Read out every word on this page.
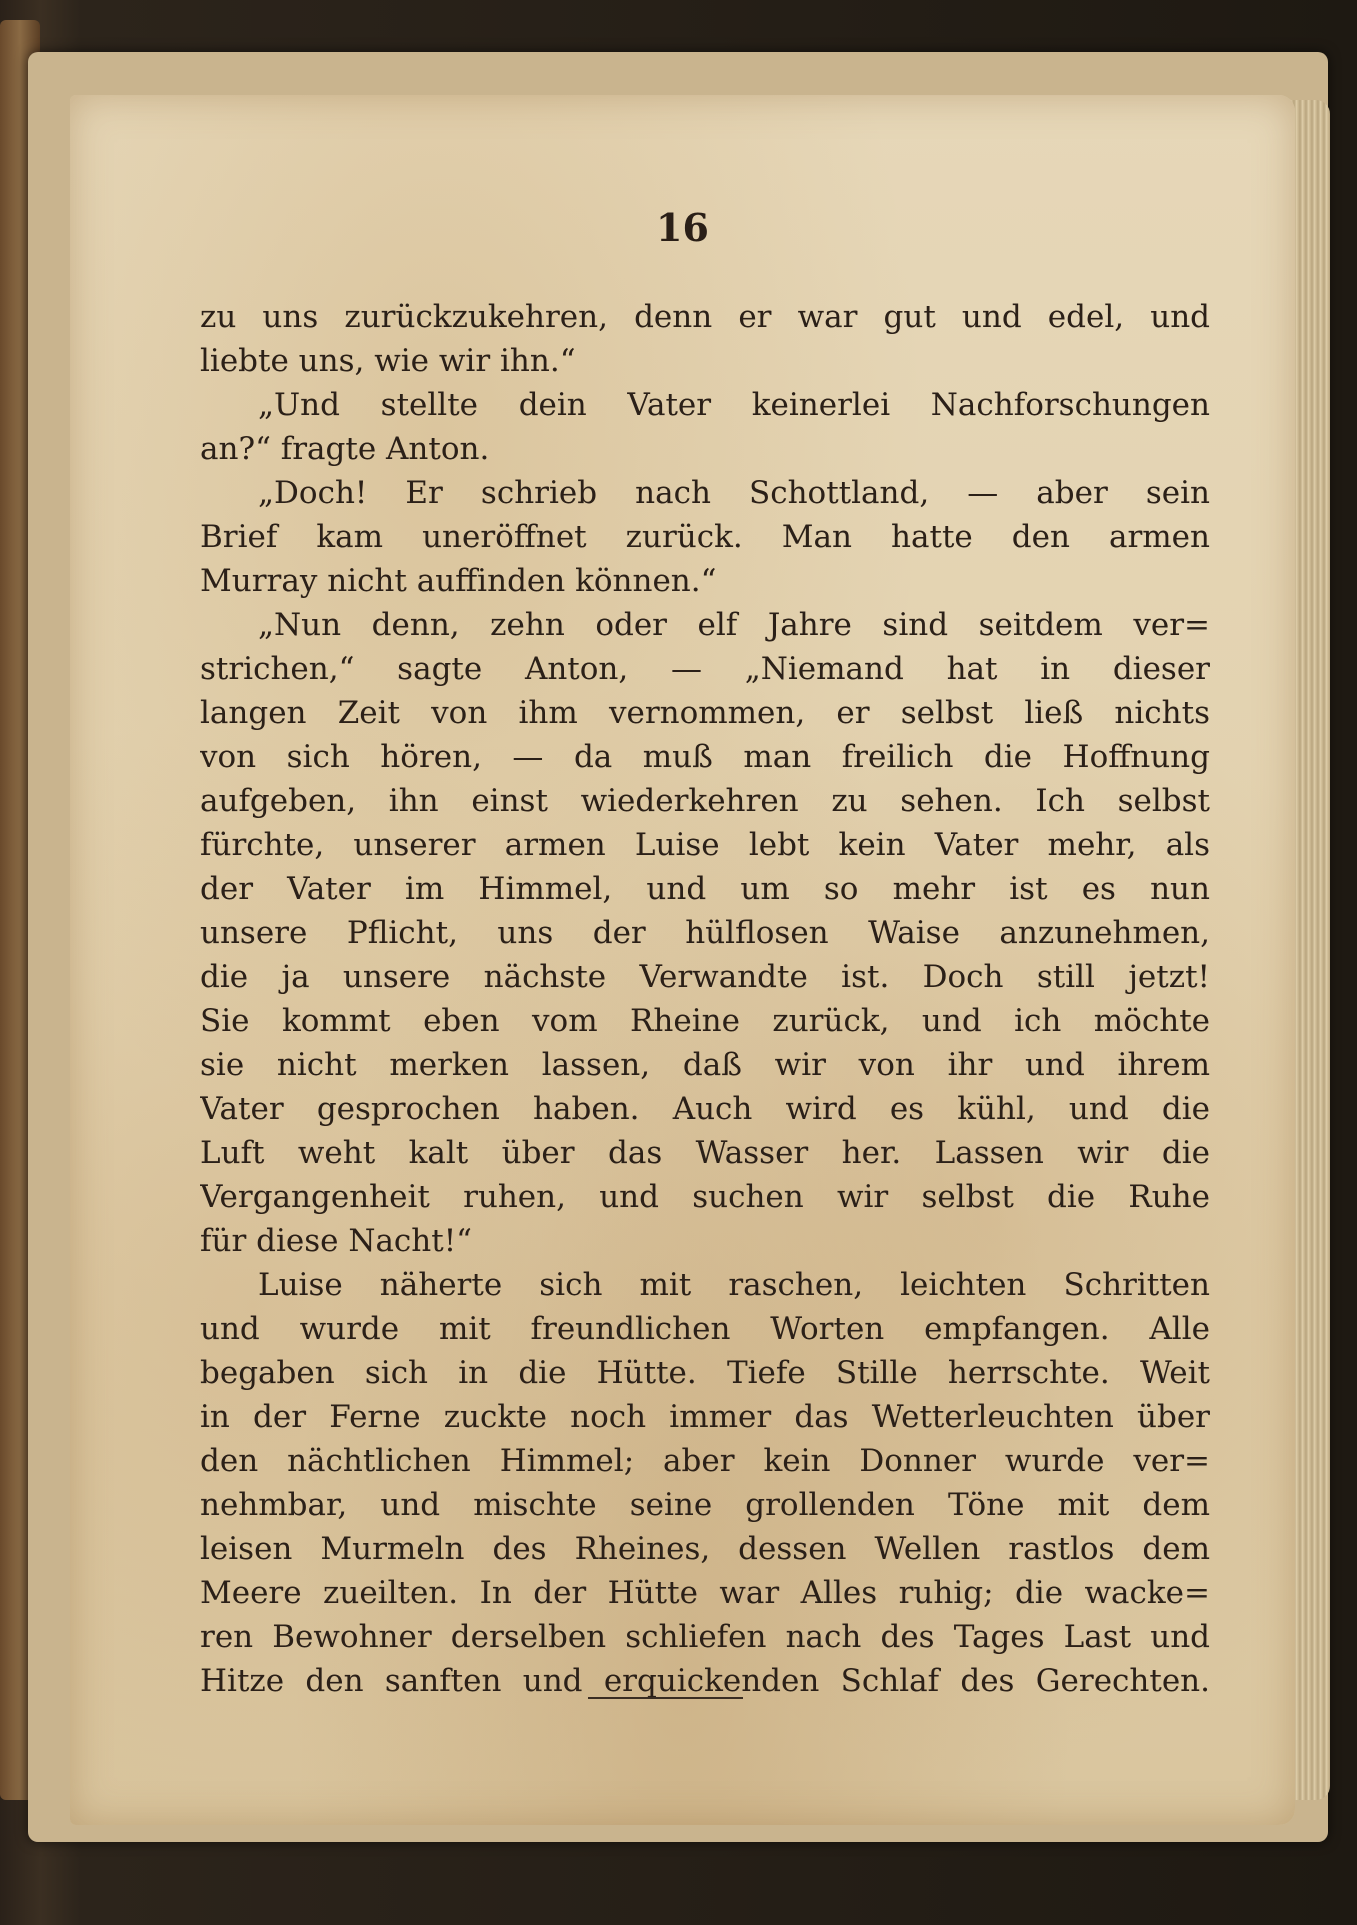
16
zu uns zurückzukehren, denn er war gut und edel, und
liebte uns, wie wir ihn.“
„Und stellte dein Vater keinerlei Nachforschungen
an?“ fragte Anton.
„Doch! Er schrieb nach Schottland, — aber sein
Brief kam uneröffnet zurück. Man hatte den armen
Murray nicht auffinden können.“
„Nun denn, zehn oder elf Jahre sind seitdem ver=
strichen,“ sagte Anton, — „Niemand hat in dieser
langen Zeit von ihm vernommen, er selbst ließ nichts
von sich hören, — da muß man freilich die Hoffnung
aufgeben, ihn einst wiederkehren zu sehen. Ich selbst
fürchte, unserer armen Luise lebt kein Vater mehr, als
der Vater im Himmel, und um so mehr ist es nun
unsere Pflicht, uns der hülflosen Waise anzunehmen,
die ja unsere nächste Verwandte ist. Doch still jetzt!
Sie kommt eben vom Rheine zurück, und ich möchte
sie nicht merken lassen, daß wir von ihr und ihrem
Vater gesprochen haben. Auch wird es kühl, und die
Luft weht kalt über das Wasser her. Lassen wir die
Vergangenheit ruhen, und suchen wir selbst die Ruhe
für diese Nacht!“
Luise näherte sich mit raschen, leichten Schritten
und wurde mit freundlichen Worten empfangen. Alle
begaben sich in die Hütte. Tiefe Stille herrschte. Weit
in der Ferne zuckte noch immer das Wetterleuchten über
den nächtlichen Himmel; aber kein Donner wurde ver=
nehmbar, und mischte seine grollenden Töne mit dem
leisen Murmeln des Rheines, dessen Wellen rastlos dem
Meere zueilten. In der Hütte war Alles ruhig; die wacke=
ren Bewohner derselben schliefen nach des Tages Last und
Hitze den sanften und erquickenden Schlaf des Gerechten.
